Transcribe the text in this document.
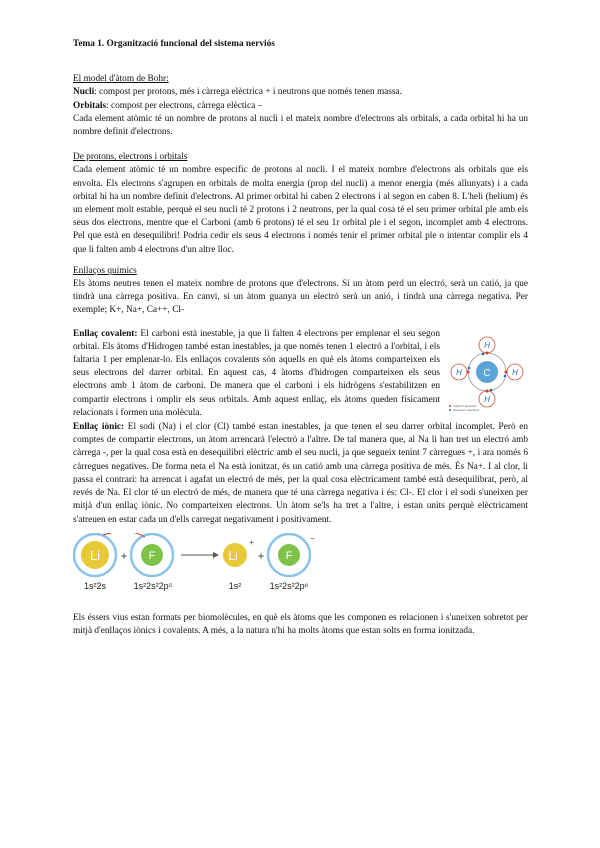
Tema 1. Organització funcional del sistema nerviós
El model d'àtom de Bohr:

Nucli: compost per protons, més i càrrega elèctrica + i neutrons que només tenen massa.

Orbitals: compost per electrons, càrrega elèctica –

Cada element atòmic té un nombre de protons al nucli i el mateix nombre d'electrons als orbitals, a cada orbital hi ha un nombre definit d'electrons.

De protons, electrons i orbitals

Cada element atòmic té un nombre específic de protons al nucli. I el mateix nombre d'electrons als orbitals que els envolta. Els electrons s'agrupen en orbitals de molta energia (prop del nucli) a menor energia (més allunyats) i a cada orbital hi ha un nombre definit d'electrons. Al primer orbital hi caben 2 electrons i al segon en caben 8. L'heli (helium) és un element molt estable, perquè el seu nucli té 2 protons i 2 neutrons, per la qual cosa té el seu primer orbital ple amb els seus dos electrons, mentre que el Carboni (amb 6 protons) té el seu 1r orbital ple i el segon, incomplet amb 4 electrons. Pel que està en desequilibri! Podria cedir els seus 4 electrons i només tenir el primer orbital ple o intentar complir els 4 que li falten amb 4 electrons d'un altre lloc.

Enllaços químics

Els àtoms neutres tenen el mateix nombre de protons que d'electrons. Si un àtom perd un electró, serà un catió, ja que tindrà una càrrega positiva. En canvi, si un àtom guanya un electró serà un anió, i tindrà una càrrega negativa. Per exemple; K+, Na+, Ca++, Cl-

C
H
H
H	H
Carbon's electrons
Hydrogen's electrons

Enllaç covalent: El carboni està inestable, ja que li falten 4 electrons per emplenar el seu segon orbital. Els àtoms d'Hidrogen també estan inestables, ja que només tenen 1 electró a l'orbital, i els faltaria 1 per emplenar-lo. Els enllaços covalents són aquells en què els àtoms comparteixen els seus electrons del darrer orbital. En aquest cas, 4 àtoms d'hidrogen comparteixen els seus electrons amb 1 àtom de carboni. De manera que el carboni i els hidrògens s'estabilitzen en compartir electrons i omplir els seus orbitals. Amb aquest enllaç, els àtoms queden físicament relacionats i formen una molècula.

Enllaç iònic: El sodi (Na) i el clor (Cl) també estan inestables, ja que tenen el seu darrer orbital incomplet. Però en comptes de compartir electrons, un àtom arrencarà l'electró a l'altre. De tal manera que, al Na li han tret un electró amb càrrega -, per la qual cosa està en desequilibri elèctric amb el seu nucli, ja que segueix tenint 7 càrregues +, i ara només 6 càrregues negatives. De forma neta el Na està ionitzat, és un catió amb una càrrega positiva de més. És Na+. I al clor, li passa el contrari: ha arrencat i agafat un electró de més, per la qual cosa elèctricament també està desequilibrat, però, al revés de Na. El clor té un electró de més, de manera que té una càrrega negativa i és: Cl-. El clor i el sodi s'uneixen per mitjà d'un enllaç iònic. No comparteixen electrons. Un àtom se'ls ha tret a l'altre, i estan units perquè elèctricament s'atreuen en estar cada un d'ells carregat negativament i positivament.

Li + F	Li
+
+ F
−
1s²2s	1s²2s²2p⁵	1s²	1s²2s²2p⁶

Els éssers vius estan formats per biomolècules, en què els àtoms que les componen es relacionen i s'uneixen sobretot per mitjà d'enllaços iònics i covalents. A més, a la natura n'hi ha molts àtoms que estan solts en forma ionitzada.
